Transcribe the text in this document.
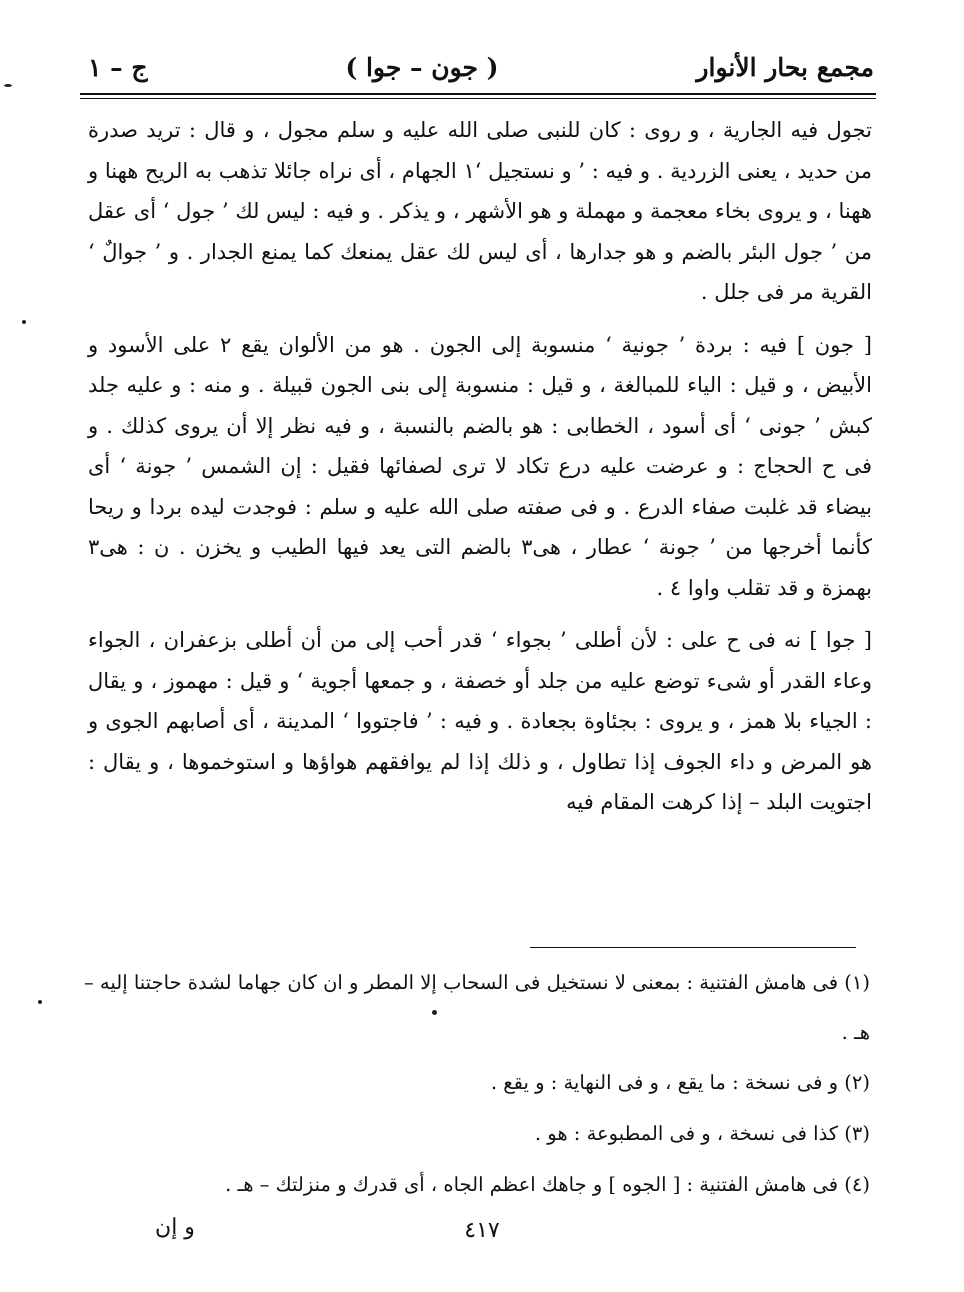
مجمع بحار الأنوار
( جون – جوا )
ج – ١

تجول فيه الجارية ، و روى : كان للنبى صلى الله عليه و سلم مجول ، و قال : تريد صدرة من حديد ، يعنى الزردية . و فيه : ’ و نستجيل ‘١ الجهام ، أى نراه جائلا تذهب به الريح ههنا و ههنا ، و يروى بخاء معجمة و مهملة و هو الأشهر ، و يذكر . و فيه : ليس لك ’ جول ‘ أى عقل من ’ جول البئر بالضم و هو جدارها ، أى ليس لك عقل يمنعك كما يمنع الجدار . و ’ جوالٌ ‘ القرية مر فى جلل .

[ جون ] فيه : بردة ’ جونية ‘ منسوبة إلى الجون . هو من الألوان يقع ٢ على الأسود و الأبيض ، و قيل : الياء للمبالغة ، و قيل : منسوبة إلى بنى الجون قبيلة . و منه : و عليه جلد كبش ’ جونى ‘ أى أسود ، الخطابى : هو بالضم بالنسبة ، و فيه نظر إلا أن يروى كذلك . و فى ح الحجاج : و عرضت عليه درع تكاد لا ترى لصفائها فقيل : إن الشمس ’ جونة ‘ أى بيضاء قد غلبت صفاء الدرع . و فى صفته صلى الله عليه و سلم : فوجدت ليده بردا و ريحا كأنما أخرجها من ’ جونة ‘ عطار ، هى٣ بالضم التى يعد فيها الطيب و يخزن . ن : هى٣ بهمزة و قد تقلب واوا ٤ .

[ جوا ] نه فى ح على : لأن أطلى ’ بجواء ‘ قدر أحب إلى من أن أطلى بزعفران ، الجواء وعاء القدر أو شىء توضع عليه من جلد أو خصفة ، و جمعها أجوية ‘ و قيل : مهموز ، و يقال : الجياء بلا همز ، و يروى : بجئاوة بجعادة . و فيه : ’ فاجتووا ‘ المدينة ، أى أصابهم الجوى و هو المرض و داء الجوف إذا تطاول ، و ذلك إذا لم يوافقهم هواؤها و استوخموها ، و يقال : اجتويت البلد – إذا كرهت المقام فيه

(١) فى هامش الفتنية : بمعنى لا نستخيل فى السحاب إلا المطر و ان كان جهاما لشدة حاجتنا إليه – هـ .

(٢) و فى نسخة : ما يقع ، و فى النهاية : و يقع .

(٣) كذا فى نسخة ، و فى المطبوعة : هو .

(٤) فى هامش الفتنية : [ الجوه ] و جاهك اعظم الجاه ، أى قدرك و منزلتك – هـ .

و إن	٤١٧
